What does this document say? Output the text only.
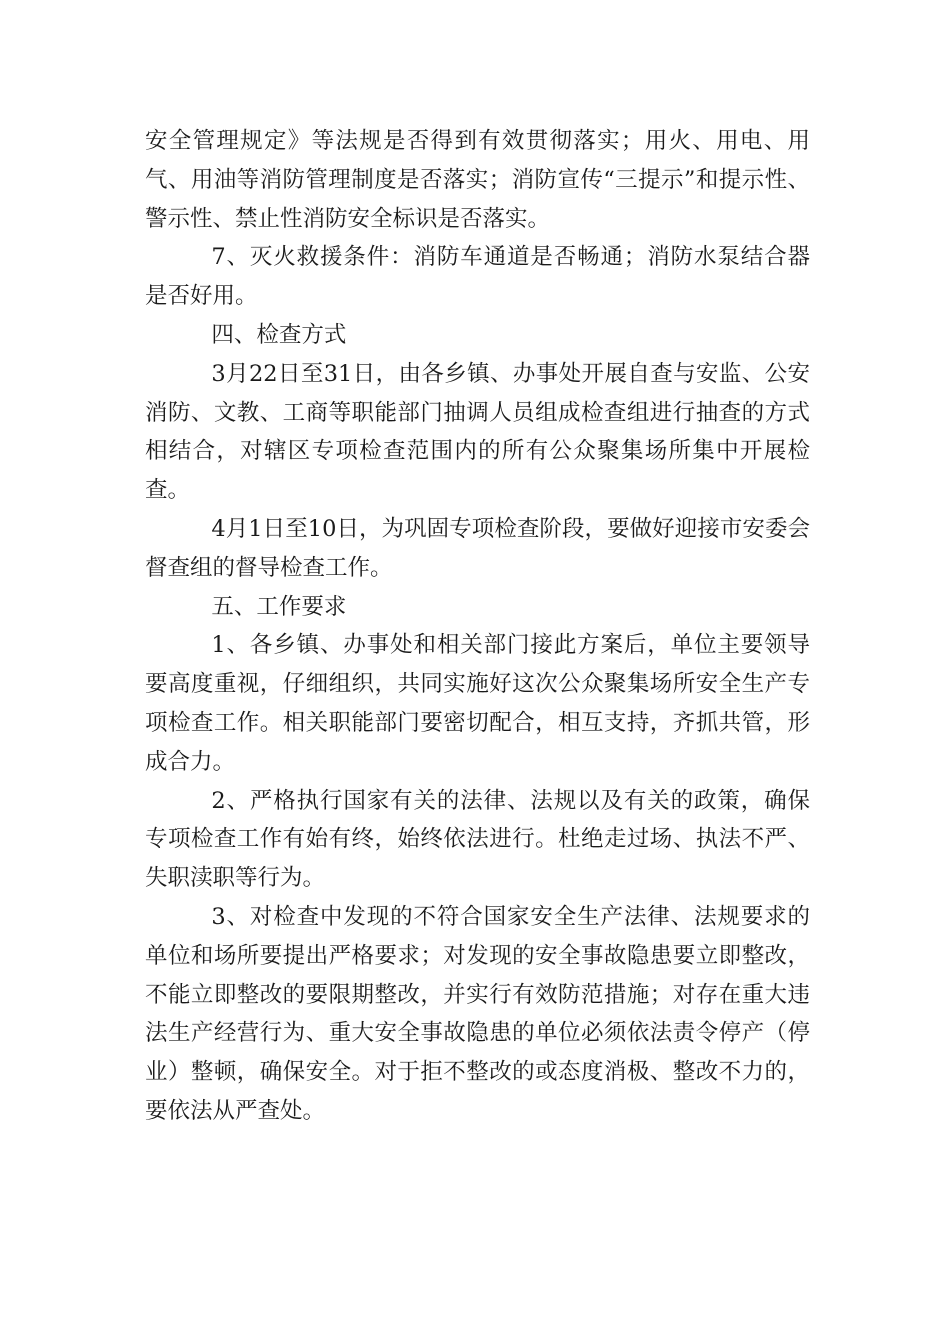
安全管理规定》等法规是否得到有效贯彻落实；用火、用电、用气、用油等消防管理制度是否落实；消防宣传“三提示”和提示性、警示性、禁止性消防安全标识是否落实。

7、灭火救援条件：消防车通道是否畅通；消防水泵结合器是否好用。

四、检查方式

3月22日至31日，由各乡镇、办事处开展自查与安监、公安消防、文教、工商等职能部门抽调人员组成检查组进行抽查的方式相结合，对辖区专项检查范围内的所有公众聚集场所集中开展检查。

4月1日至10日，为巩固专项检查阶段，要做好迎接市安委会督查组的督导检查工作。

五、工作要求

1、各乡镇、办事处和相关部门接此方案后，单位主要领导要高度重视，仔细组织，共同实施好这次公众聚集场所安全生产专项检查工作。相关职能部门要密切配合，相互支持，齐抓共管，形成合力。

2、严格执行国家有关的法律、法规以及有关的政策，确保专项检查工作有始有终，始终依法进行。杜绝走过场、执法不严、失职渎职等行为。

3、对检查中发现的不符合国家安全生产法律、法规要求的单位和场所要提出严格要求；对发现的安全事故隐患要立即整改，不能立即整改的要限期整改，并实行有效防范措施；对存在重大违法生产经营行为、重大安全事故隐患的单位必须依法责令停产（停业）整顿，确保安全。对于拒不整改的或态度消极、整改不力的，要依法从严查处。
